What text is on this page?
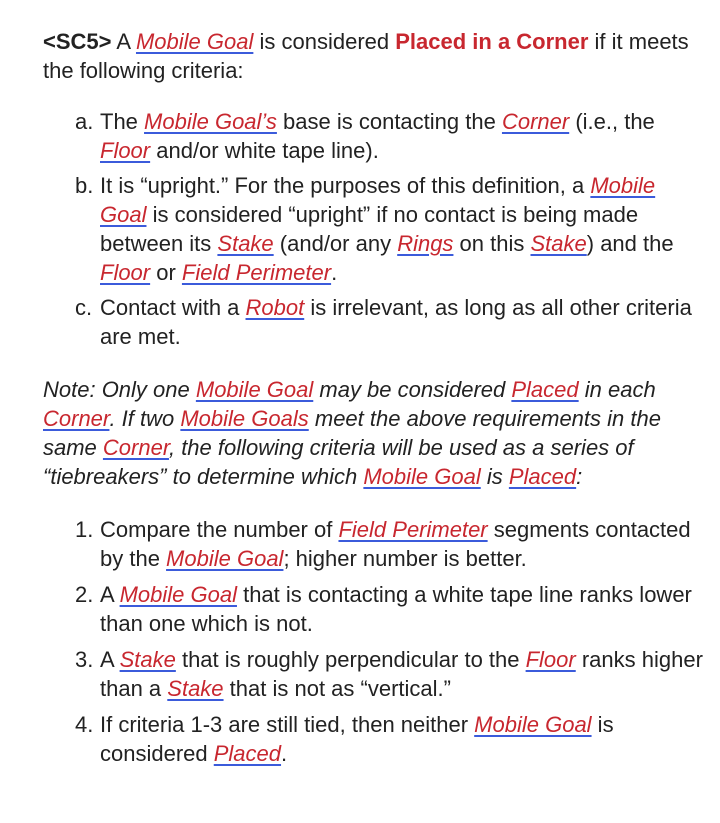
<SC5> A Mobile Goal is considered Placed in a Corner if it meets the following criteria:

a. The Mobile Goal’s base is contacting the Corner (i.e., the Floor and/or white tape line).
b. It is “upright.” For the purposes of this definition, a Mobile Goal is considered “upright” if no contact is being made between its Stake (and/or any Rings on this Stake) and the Floor or Field Perimeter.
c. Contact with a Robot is irrelevant, as long as all other criteria are met.

Note: Only one Mobile Goal may be considered Placed in each Corner. If two Mobile Goals meet the above requirements in the same Corner, the following criteria will be used as a series of “tiebreakers” to determine which Mobile Goal is Placed:

1. Compare the number of Field Perimeter segments contacted by the Mobile Goal; higher number is better.
2. A Mobile Goal that is contacting a white tape line ranks lower than one which is not.
3. A Stake that is roughly perpendicular to the Floor ranks higher than a Stake that is not as “vertical.”
4. If criteria 1-3 are still tied, then neither Mobile Goal is considered Placed.
